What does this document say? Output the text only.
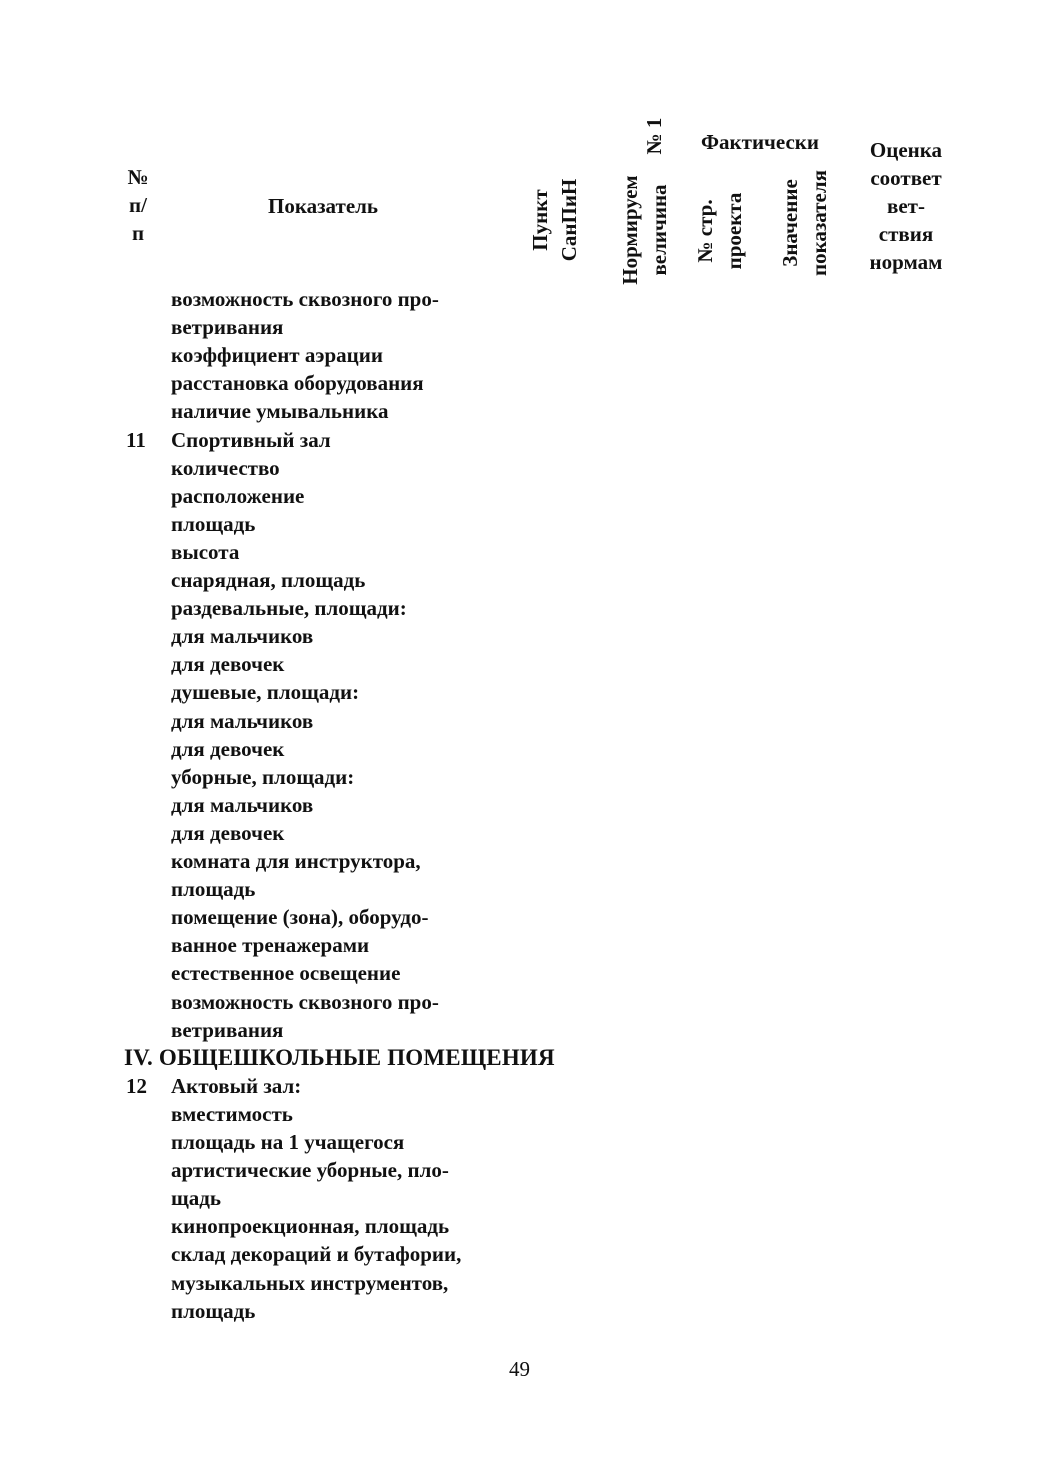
№
п/
п
Показатель	Пункт СанПиН Нормируем величина
№ 1 Фактически
№ стр. проекта Значение показателя
Оценка
соответ
вет-
ствия
нормам
возможность сквозного про-
ветривания
коэффициент аэрации
расстановка оборудования
наличие умывальника
11 Спортивный зал
количество
расположение
площадь
высота
снарядная, площадь
раздевальные, площади:
для мальчиков
для девочек
душевые, площади:
для мальчиков
для девочек
уборные, площади:
для мальчиков
для девочек
комната для инструктора,
площадь
помещение (зона), оборудо-
ванное тренажерами
естественное освещение
возможность сквозного про-
ветривания
IV. ОБЩЕШКОЛЬНЫЕ ПОМЕЩЕНИЯ
12 Актовый зал:
вместимость
площадь на 1 учащегося
артистические уборные, пло-
щадь
кинопроекционная, площадь
склад декораций и бутафории,
музыкальных инструментов,
площадь
49
